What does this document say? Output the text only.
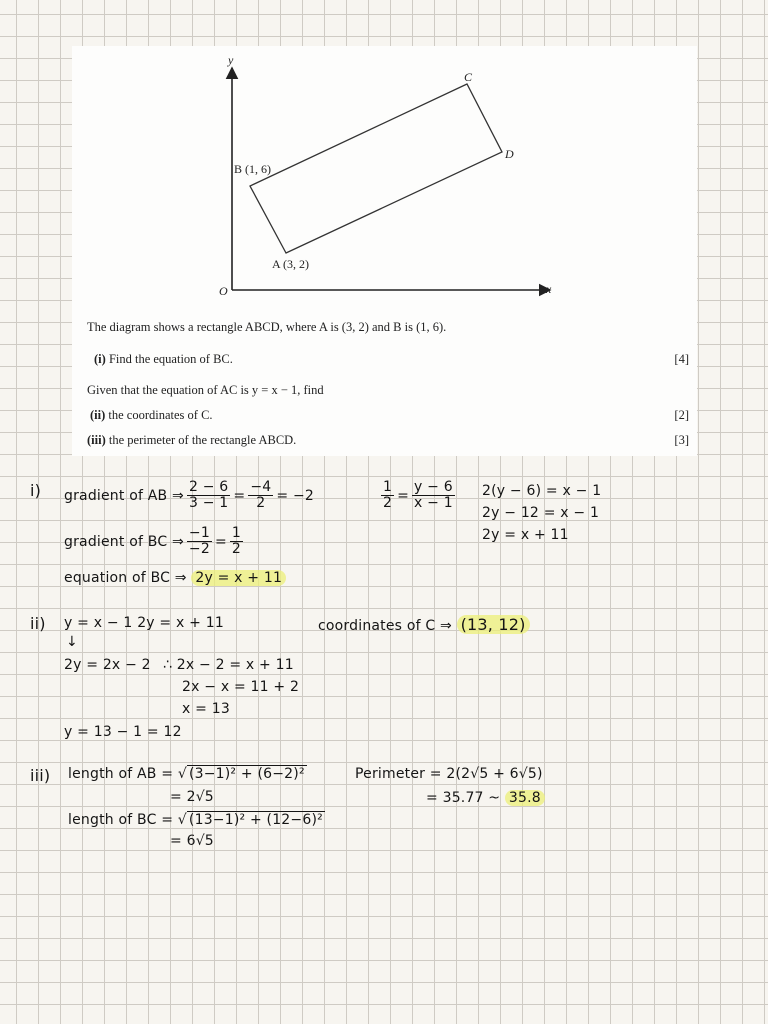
y
x
O
A (3, 2)
B (1, 6)
C
D
The diagram shows a rectangle ABCD, where A is (3, 2) and B is (1, 6).
(i) Find the equation of BC.	[4]
Given that the equation of AC is y = x − 1, find
(ii) the coordinates of C.	[2]
(iii) the perimeter of the rectangle ABCD.	[3]
i) gradient of AB ⇒ $\frac{2 - 6}{3 - 1} = \frac{-4}{2} = -2$	$\frac{1}{2} = \frac{y - 6}{x - 1} 2(y - 6) = x - 1$
2y − 12 = x − 1
2y = x + 11
gradient of BC ⇒ $\frac{-1}{-2} = \frac{1}{2}$
equation of BC ⇒ 2y = x + 11
ii) y = x − 1 2y = x + 11
↓
2y = 2x − 2 ∴ 2x − 2 = x + 11
2x − x = 11 + 2
x = 13
y = 13 − 1 = 12
coordinates of C ⇒ (13, 12)
iii) length of AB = √ (3−1)² + (6−2)²
= 2√5
length of BC = √ (13−1)² + (12−6)²
= 6√5
Perimeter = 2(2√5 + 6√5)
= 35.77 ~ 35.8
